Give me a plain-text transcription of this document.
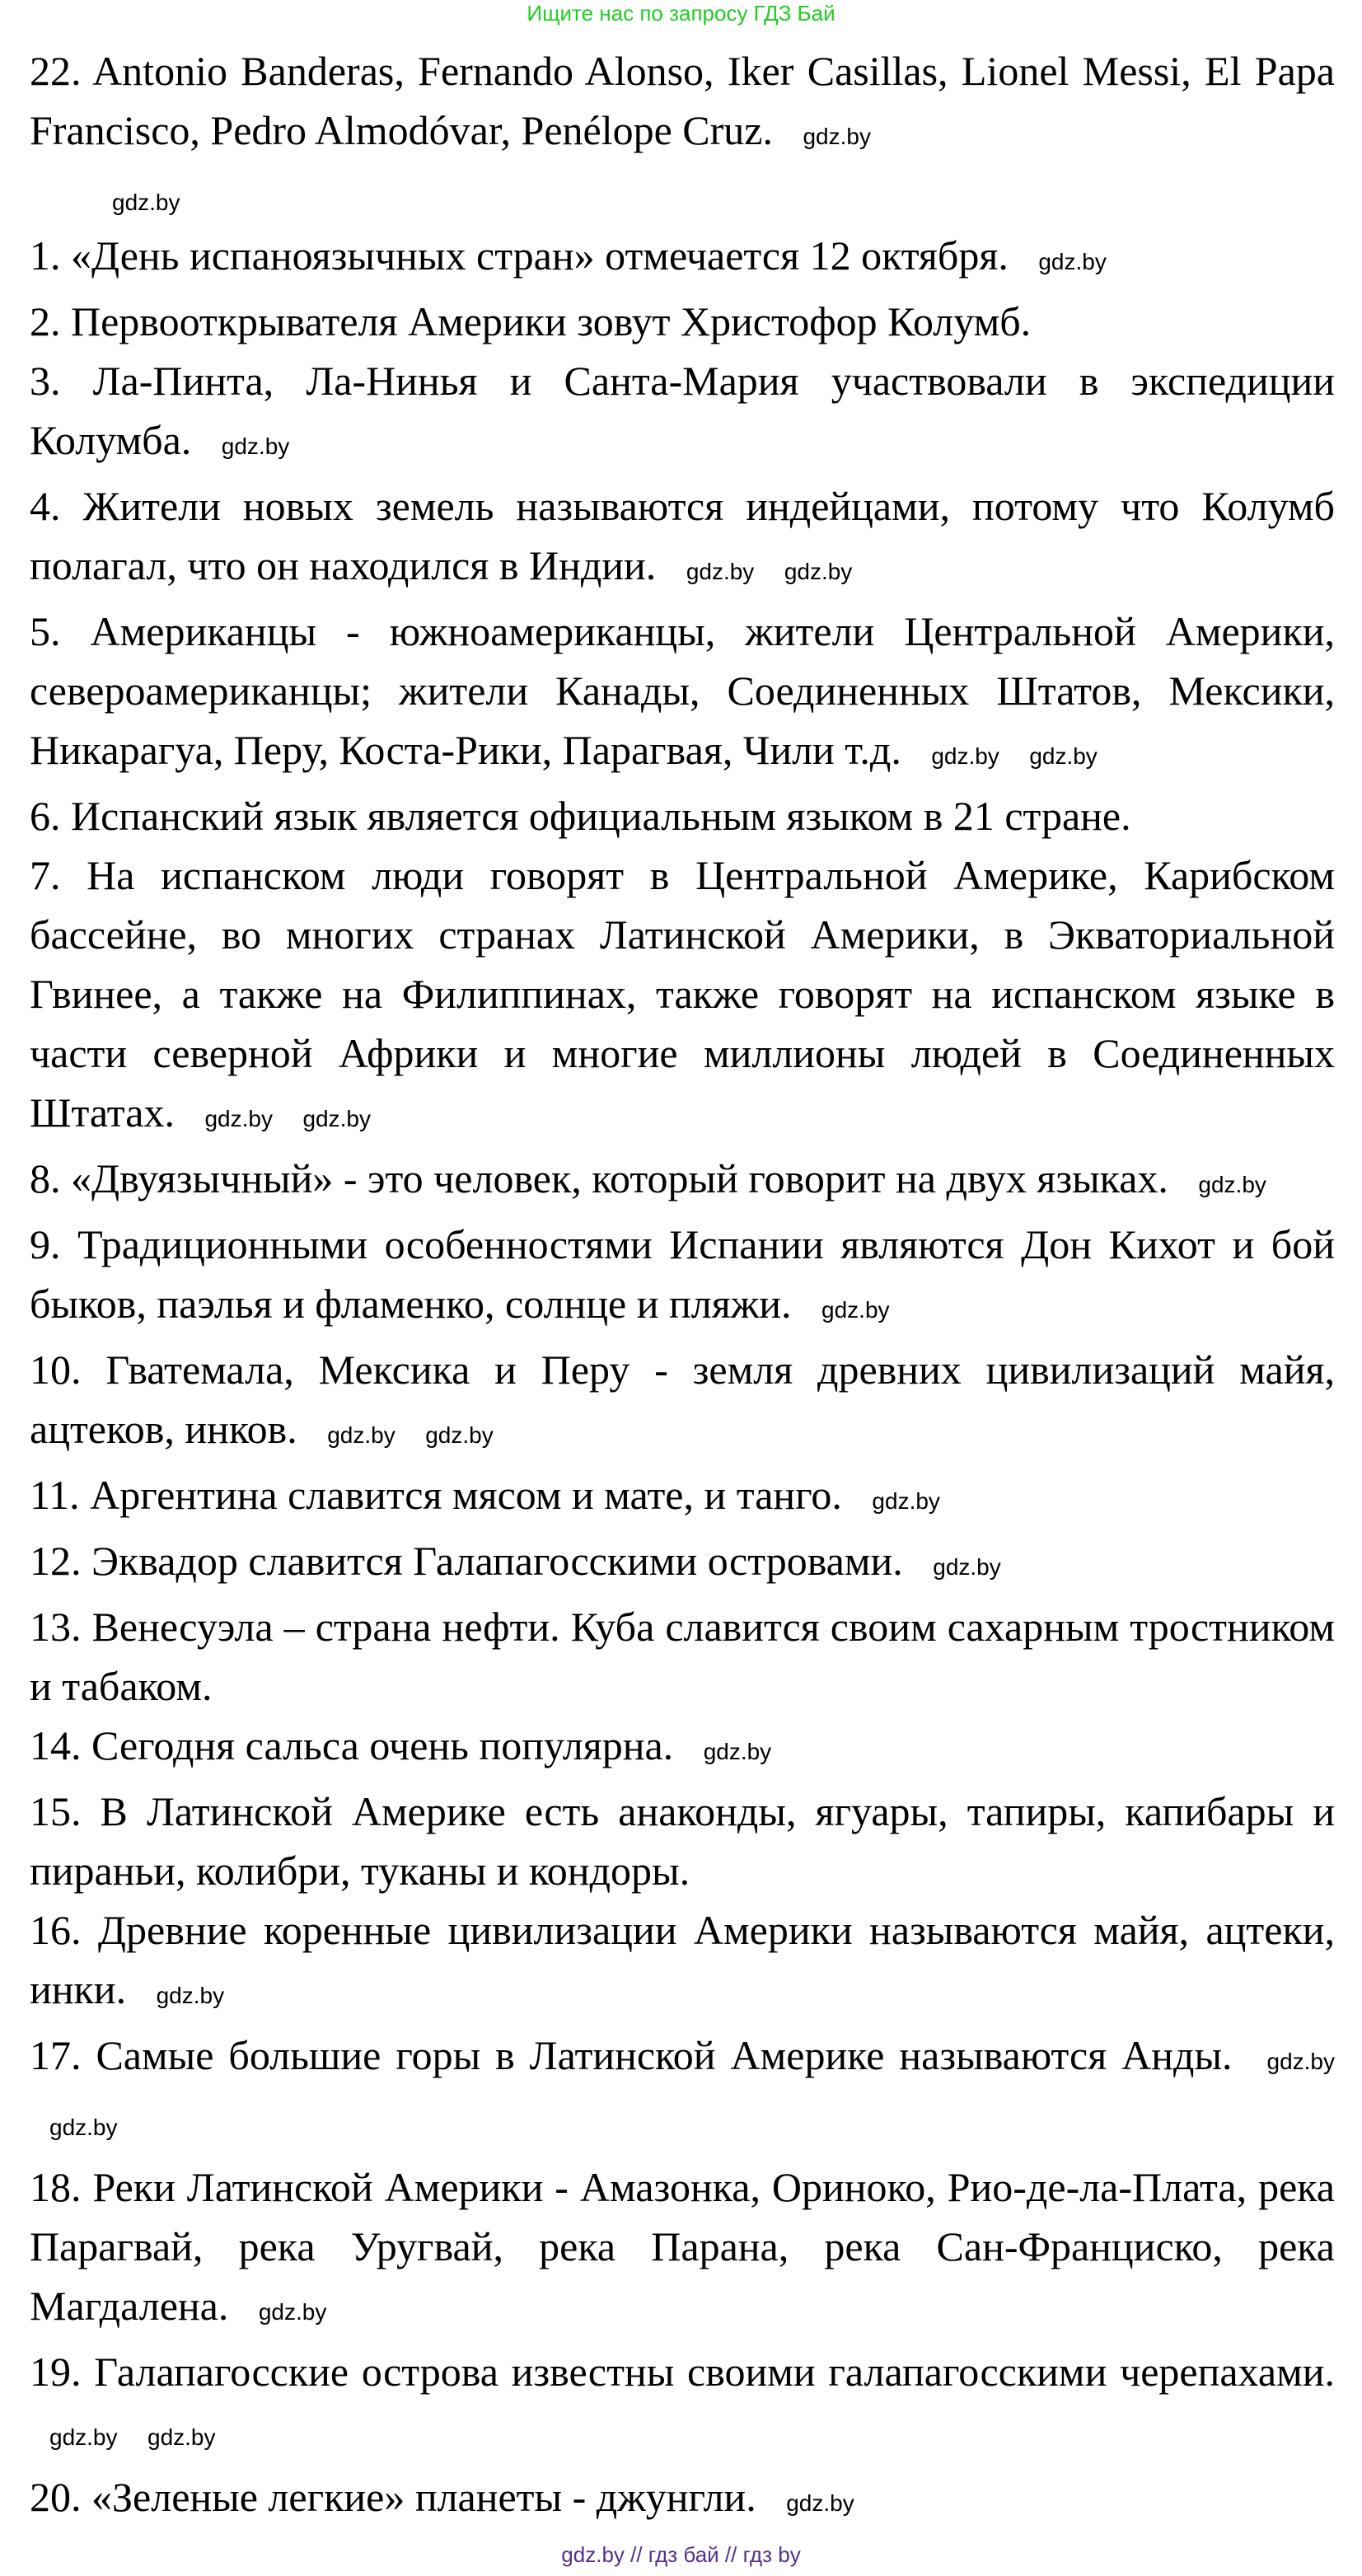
Ищите нас по запросу ГДЗ Бай

22. Antonio Banderas, Fernando Alonso, Iker Casillas, Lionel Messi, El Papa Francisco, Pedro Almodóvar, Penélope Cruz. gdz.by

gdz.by

1. «День испаноязычных стран» отмечается 12 октября. gdz.by

2. Первооткрывателя Америки зовут Христофор Колумб.

3. Ла-Пинта, Ла-Нинья и Санта-Мария участвовали в экспедиции Колумба. gdz.by

4. Жители новых земель называются индейцами, потому что Колумб полагал, что он находился в Индии. gdz.by gdz.by

5. Американцы - южноамериканцы, жители Центральной Америки, североамериканцы; жители Канады, Соединенных Штатов, Мексики, Никарагуа, Перу, Коста-Рики, Парагвая, Чили т.д. gdz.by gdz.by

6. Испанский язык является официальным языком в 21 стране.

7. На испанском люди говорят в Центральной Америке, Карибском бассейне, во многих странах Латинской Америки, в Экваториальной Гвинее, а также на Филиппинах, также говорят на испанском языке в части северной Африки и многие миллионы людей в Соединенных Штатах. gdz.by gdz.by

8. «Двуязычный» - это человек, который говорит на двух языках. gdz.by

9. Традиционными особенностями Испании являются Дон Кихот и бой быков, паэлья и фламенко, солнце и пляжи. gdz.by

10. Гватемала, Мексика и Перу - земля древних цивилизаций майя, ацтеков, инков. gdz.by gdz.by

11. Аргентина славится мясом и мате, и танго. gdz.by

12. Эквадор славится Галапагосскими островами. gdz.by

13. Венесуэла – страна нефти. Куба славится своим сахарным тростником и табаком.

14. Сегодня сальса очень популярна. gdz.by

15. В Латинской Америке есть анаконды, ягуары, тапиры, капибары и пираньи, колибри, туканы и кондоры.

16. Древние коренные цивилизации Америки называются майя, ацтеки, инки. gdz.by

17. Самые большие горы в Латинской Америке называются Анды. gdz.by gdz.by

18. Реки Латинской Америки - Амазонка, Ориноко, Рио-де-ла-Плата, река Парагвай, река Уругвай, река Парана, река Сан-Франциско, река Магдалена. gdz.by

19. Галапагосские острова известны своими галапагосскими черепахами. gdz.by gdz.by

20. «Зеленые легкие» планеты - джунгли. gdz.by

gdz.by // гдз бай // гдз by
